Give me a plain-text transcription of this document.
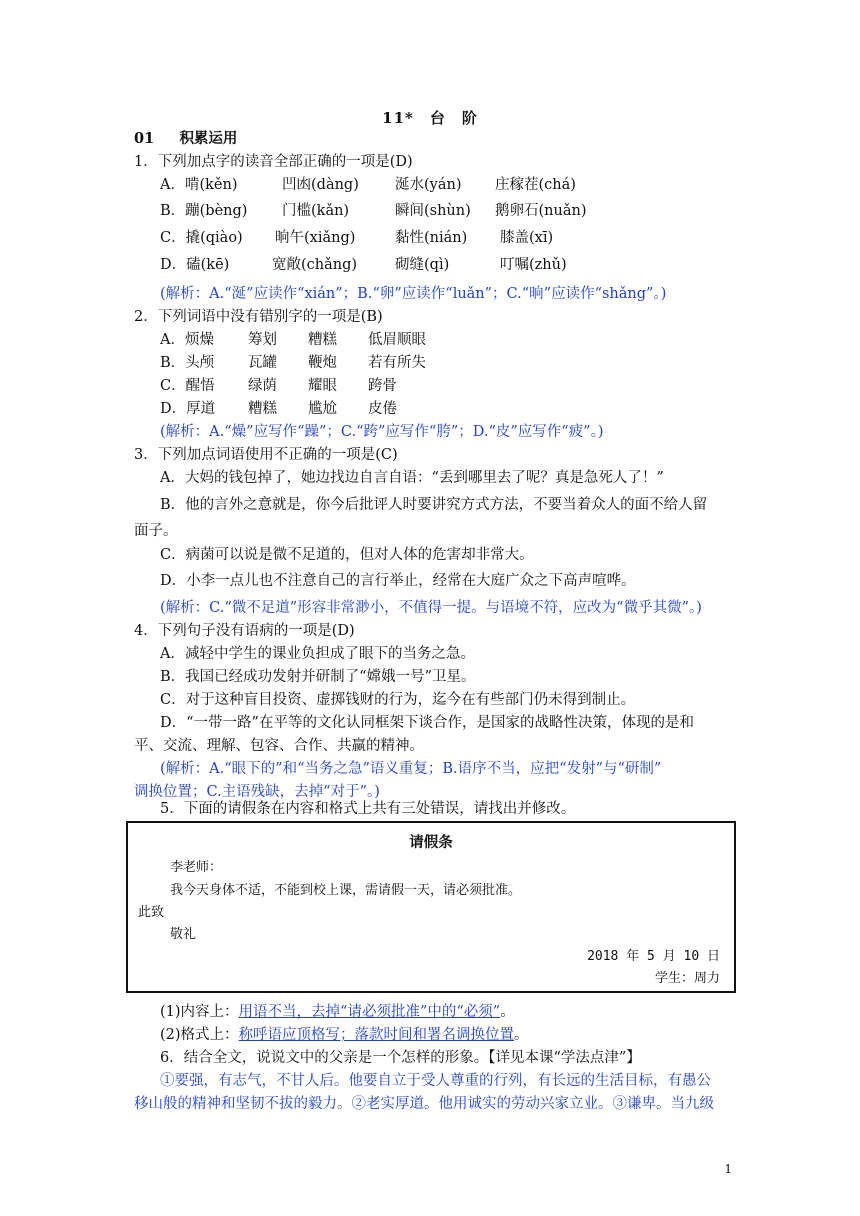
11*　台　阶
01 积累运用
1．下列加点字的读音全部正确的一项是(D)
A．啃(kěn)	凹凼(dàng) 涎水(yán) 庄稼茬(chá)
B．蹦(bèng) 门槛(kǎn)	瞬间(shùn) 鹅卵石(nuǎn)
C．撬(qiào) 晌午(xiǎng)	黏性(nián) 膝盖(xī)
D．磕(kē)	宽敞(chǎng)	砌缝(qì)	叮嘱(zhǔ)
(解析：A.“涎”应读作“xián”；B.“卵”应读作“luǎn”；C.“晌”应读作“shǎng”。)
2．下列词语中没有错别字的一项是(B)
A．烦燥 筹划 糟糕 低眉顺眼
B．头颅 瓦罐 鞭炮 若有所失
C．醒悟 绿荫 耀眼 跨骨
D．厚道 糟糕 尴尬 皮倦
(解析：A.“燥”应写作“躁”；C.“跨”应写作“胯”；D.“皮”应写作“疲”。)
3．下列加点词语使用不正确的一项是(C)
A．大妈的钱包掉了，她边找边自言自语：“丢到哪里去了呢？真是急死人了！”
B．他的言外之意就是，你今后批评人时要讲究方式方法，不要当着众人的面不给人留
面子。
C．病菌可以说是微不足道的，但对人体的危害却非常大。
D．小李一点儿也不注意自己的言行举止，经常在大庭广众之下高声喧哗。
(解析：C.“微不足道”形容非常渺小，不值得一提。与语境不符，应改为“微乎其微”。)
4．下列句子没有语病的一项是(D)
A．减轻中学生的课业负担成了眼下的当务之急。
B．我国已经成功发射并研制了“嫦娥一号”卫星。
C．对于这种盲目投资、虚掷钱财的行为，迄今在有些部门仍未得到制止。
D．“一带一路”在平等的文化认同框架下谈合作，是国家的战略性决策，体现的是和
平、交流、理解、包容、合作、共赢的精神。
(解析：A.“眼下的”和“当务之急”语义重复；B.语序不当，应把“发射”与“研制”
调换位置；C.主语残缺，去掉“对于”。)
5．下面的请假条在内容和格式上共有三处错误，请找出并修改。
请假条
李老师：
我今天身体不适，不能到校上课，需请假一天，请必须批准。
此致
敬礼
2018 年 5 月 10 日
学生：周力
(1)内容上：用语不当，去掉“请必须批准”中的“必须”。
(2)格式上：称呼语应顶格写；落款时间和署名调换位置。
6．结合全文，说说文中的父亲是一个怎样的形象。【详见本课“学法点津”】
①要强，有志气，不甘人后。他要自立于受人尊重的行列，有长远的生活目标，有愚公
移山般的精神和坚韧不拔的毅力。②老实厚道。他用诚实的劳动兴家立业。③谦卑。当九级
1
